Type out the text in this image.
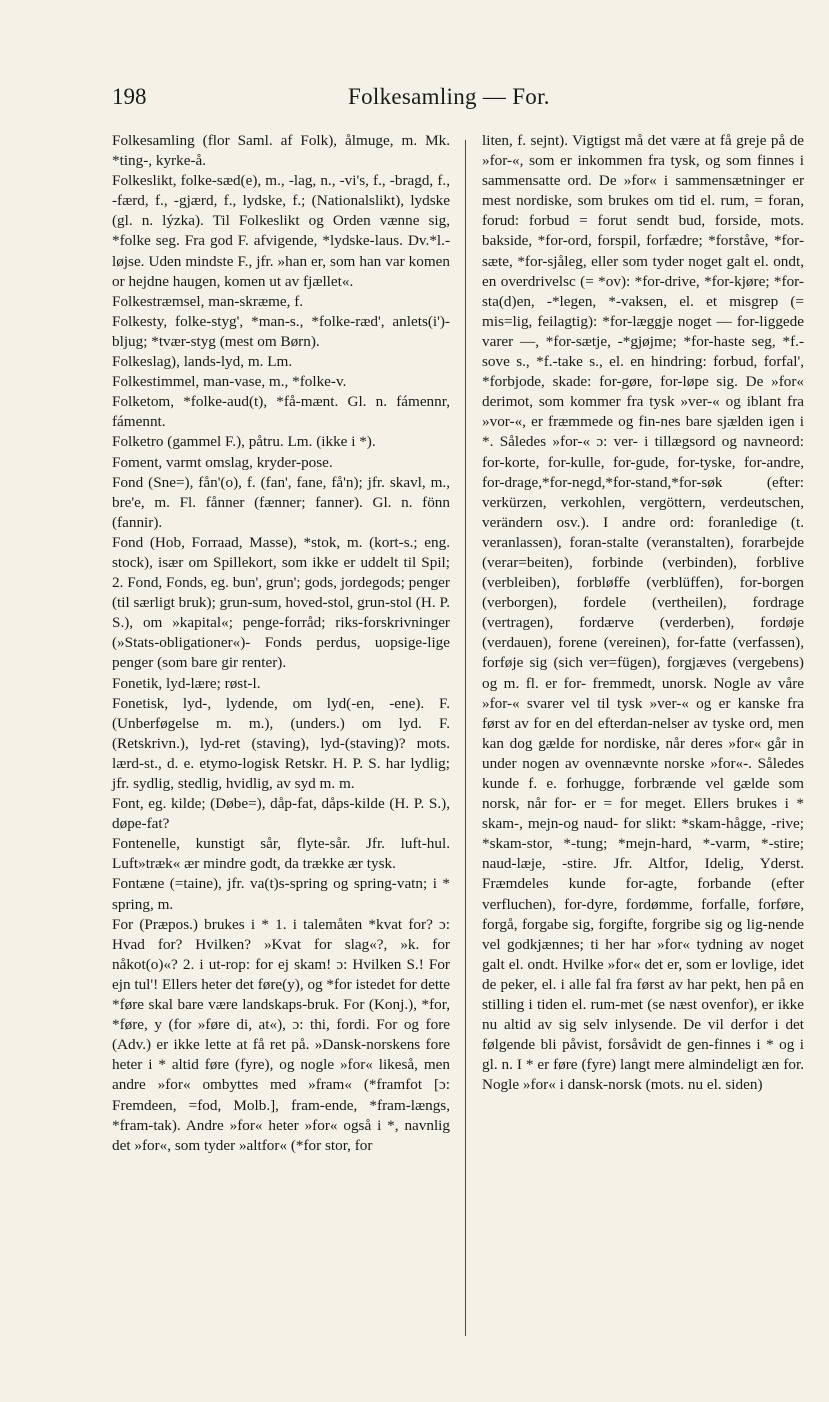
198	Folkesamling — For.

Folkesamling (flor Saml. af Folk), ålmuge, m. Mk. *ting-, kyrke-å.

Folkeslikt, folke-sæd(e), m., -lag, n., -vi's, f., -bragd, f., -færd, f., -gjærd, f., lydske, f.; (Nationalslikt), lydske (gl. n. lýzka). Til Folkeslikt og Orden vænne sig, *folke seg. Fra god F. afvigende, *lydske-laus. Dv.*l.-løjse. Uden mindste F., jfr. »han er, som han var komen or hejdne haugen, komen ut av fjællet«.

Folkestræmsel, man-skræme, f.

Folkesty, folke-styg', *man-s., *folke-ræd', anlets(i')-bljug; *tvær-styg (mest om Børn).

Folkeslag), lands-lyd, m. Lm.

Folkestimmel, man-vase, m., *folke-v.

Folketom, *folke-aud(t), *få-mænt. Gl. n. fámennr, fámennt.

Folketro (gammel F.), påtru. Lm. (ikke i *).

Foment, varmt omslag, kryder-pose.

Fond (Sne=), fån'(o), f. (fan', fane, få'n); jfr. skavl, m., bre'e, m. Fl. fånner (fænner; fanner). Gl. n. fönn (fannir).

Fond (Hob, Forraad, Masse), *stok, m. (kort-s.; eng. stock), især om Spillekort, som ikke er uddelt til Spil; 2. Fond, Fonds, eg. bun', grun'; gods, jordegods; penger (til særligt bruk); grun-sum, hoved-stol, grun-stol (H. P. S.), om »kapital«; penge-forråd; riks-forskrivninger (»Stats-obligationer«)- Fonds perdus, uopsige-lige penger (som bare gir renter).

Fonetik, lyd-lære; røst-l.

Fonetisk, lyd-, lydende, om lyd(-en, -ene). F. (Unberføgelse m. m.), (unders.) om lyd. F. (Retskrivn.), lyd-ret (staving), lyd-(staving)? mots. lærd-st., d. e. etymo-logisk Retskr. H. P. S. har lydlig; jfr. sydlig, stedlig, hvidlig, av syd m. m.

Font, eg. kilde; (Døbe=), dåp-fat, dåps-kilde (H. P. S.), døpe-fat?

Fontenelle, kunstigt sår, flyte-sår. Jfr. luft-hul. Luft»træk« ær mindre godt, da trække ær tysk.

Fontæne (=taine), jfr. va(t)s-spring og spring-vatn; i * spring, m.

For (Præpos.) brukes i * 1. i talemåten *kvat for? ɔ: Hvad for? Hvilken? »Kvat for slag«?, »k. for nåkot(o)«? 2. i ut-rop: for ej skam! ɔ: Hvilken S.! For ejn tul'! Ellers heter det føre(y), og *for istedet for dette *føre skal bare være landskaps-bruk. For (Konj.), *for, *føre, y (for »føre di, at«), ɔ: thi, fordi. For og fore (Adv.) er ikke lette at få ret på. »Dansk-norskens fore heter i * altid føre (fyre), og nogle »for« likeså, men andre »for« ombyttes med »fram« (*framfot [ɔ: Fremdeen, =fod, Molb.], fram-ende, *fram-længs, *fram-tak). Andre »for« heter »for« også i *, navnlig det »for«, som tyder »altfor« (*for stor, for

liten, f. sejnt). Vigtigst må det være at få greje på de »for-«, som er inkommen fra tysk, og som finnes i sammensatte ord. De »for« i sammensætninger er mest nordiske, som brukes om tid el. rum, = foran, forud: forbud = forut sendt bud, forside, mots. bakside, *for-ord, forspil, forfædre; *forståve, *for-sæte, *for-sjåleg, eller som tyder noget galt el. ondt, en overdrivelsc (= *ov): *for-drive, *for-kjøre; *for-sta(d)en, -*legen, *-vaksen, el. et misgrep (= mis=lig, feilagtig): *for-læggje noget — for-liggede varer —, *for-sætje, -*gjøjme; *for-haste seg, *f.-sove s., *f.-take s., el. en hindring: forbud, forfal', *forbjode, skade: for-gøre, for-løpe sig. De »for« derimot, som kommer fra tysk »ver-« og iblant fra »vor-«, er fræmmede og fin-nes bare sjælden igen i *. Således »for-« ɔ: ver- i tillægsord og navneord: for-korte, for-kulle, for-gude, for-tyske, for-andre, for-drage,*for-negd,*for-stand,*for-søk (efter: verkürzen, verkohlen, vergöttern, verdeutschen, verändern osv.). I andre ord: foranledige (t. veranlassen), foran-stalte (veranstalten), forarbejde (verar=beiten), forbinde (verbinden), forblive (verbleiben), forbløffe (verblüffen), for-borgen (verborgen), fordele (vertheilen), fordrage (vertragen), fordærve (verderben), fordøje (verdauen), forene (vereinen), for-fatte (verfassen), forføje sig (sich ver=fügen), forgjæves (vergebens) og m. fl. er for- fremmedt, unorsk. Nogle av våre »for-« svarer vel til tysk »ver-« og er kanske fra først av for en del efterdan-nelser av tyske ord, men kan dog gælde for nordiske, når deres »for« går in under nogen av ovennævnte norske »for«-. Således kunde f. e. forhugge, forbrænde vel gælde som norsk, når for- er = for meget. Ellers brukes i * skam-, mejn-og naud- for slikt: *skam-hågge, -rive; *skam-stor, *-tung; *mejn-hard, *-varm, *-stire; naud-læje, -stire. Jfr. Altfor, Idelig, Yderst. Fræmdeles kunde for-agte, forbande (efter verfluchen), for-dyre, fordømme, forfalle, forføre, forgå, forgabe sig, forgifte, forgribe sig og lig-nende vel godkjænnes; ti her har »for« tydning av noget galt el. ondt. Hvilke »for« det er, som er lovlige, idet de peker, el. i alle fal fra først av har pekt, hen på en stilling i tiden el. rum-met (se næst ovenfor), er ikke nu altid av sig selv inlysende. De vil derfor i det følgende bli påvist, forsåvidt de gen-finnes i * og i gl. n. I * er føre (fyre) langt mere almindeligt æn for. Nogle »for« i dansk-norsk (mots. nu el. siden)
